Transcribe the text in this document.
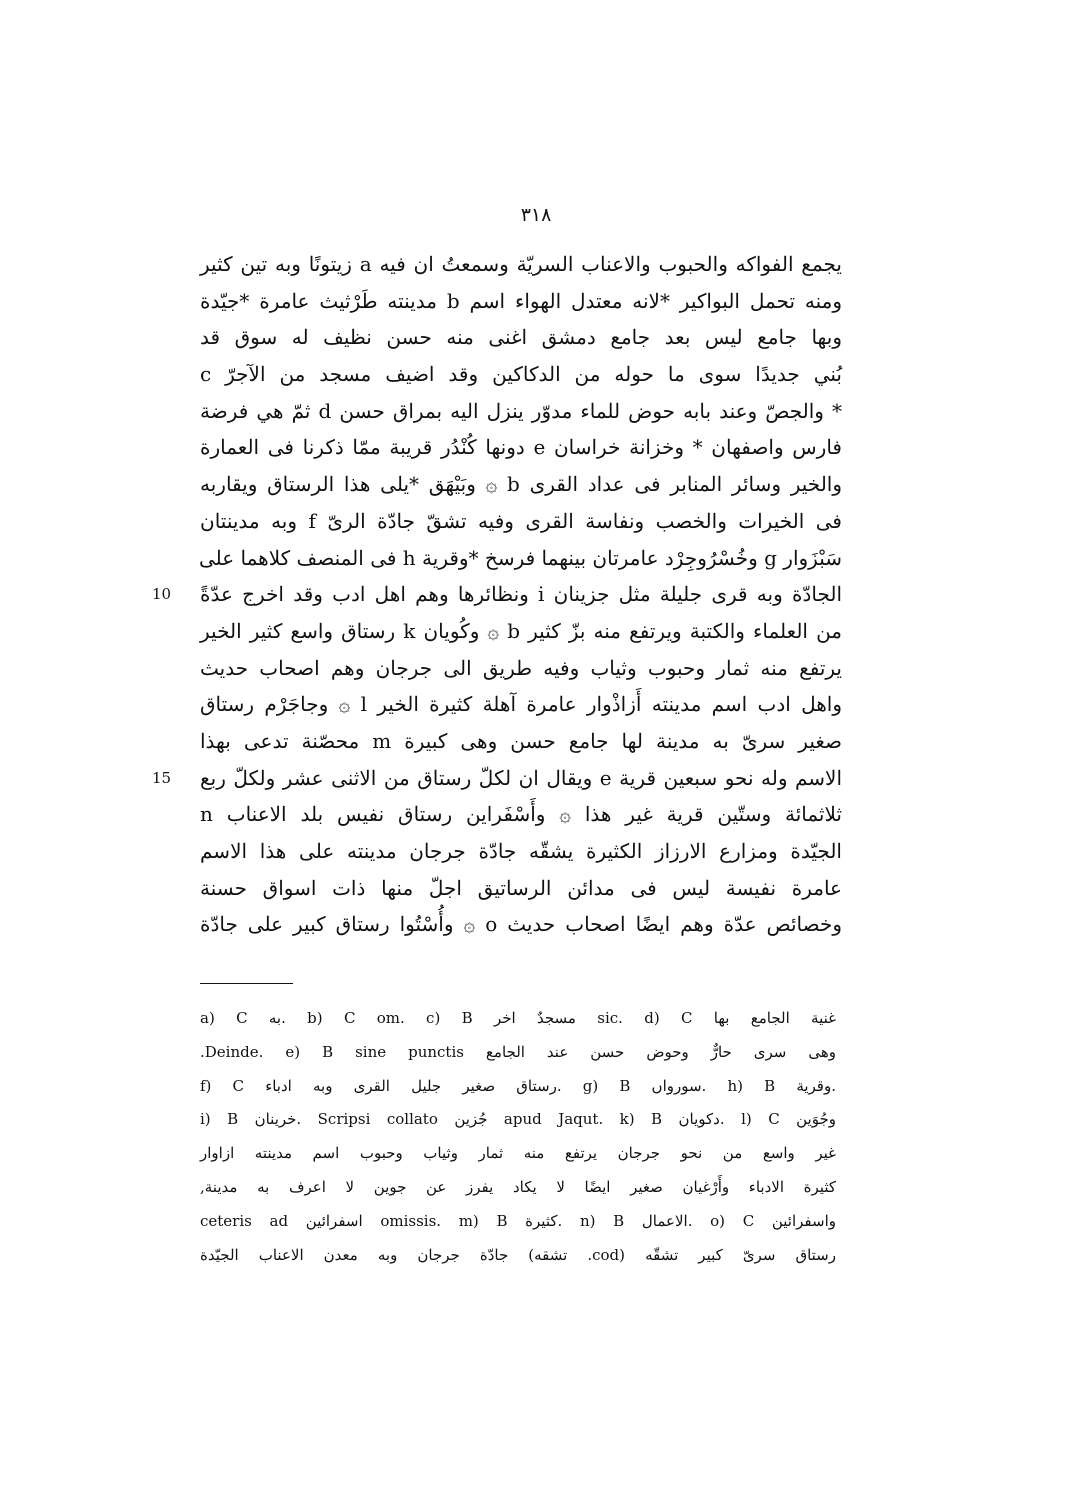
٣١٨
يجمع الفواكه والحبوب والاعناب السريّة وسمعتُ ان فيه a زيتونًا وبه تين كثير
ومنه تحمل البواكير *لانه معتدل الهواء اسم b مدينته طَرْثيث عامرة *جيّدة
وبها جامع ليس بعد جامع دمشق اغنى منه حسن نظيف له سوق قد
بُني جديدًا سوى ما حوله من الدكاكين وقد اضيف مسجد من الآجرّ c
* والجصّ وعند بابه حوض للماء مدوّر ينزل اليه بمراق حسن d ثمّ هي فرضة
فارس واصفهان * وخزانة خراسان e دونها كُنْدُر قريبة ممّا ذكرنا فى العمارة
والخير وسائر المنابر فى عداد القرى b ۞ وبَيْهَق *يلى هذا الرستاق ويقاربه
فى الخيرات والخصب ونفاسة القرى وفيه تشقّ جادّة الرىّ f وبه مدينتان
سَبْزَوار g وخُسْرُوجِرْد عامرتان بينهما فرسخ *وقرية h فى المنصف كلاهما على
الجادّة وبه قرى جليلة مثل جزينان i ونظائرها وهم اهل ادب وقد اخرج عدّةً
10
من العلماء والكتبة ويرتفع منه بزّ كثير b ۞ وكُويان k رستاق واسع كثير الخير
يرتفع منه ثمار وحبوب وثياب وفيه طريق الى جرجان وهم اصحاب حديث
واهل ادب اسم مدينته أَزاذْوار عامرة آهلة كثيرة الخير l ۞ وجاجَرْم رستاق
صغير سرىّ به مدينة لها جامع حسن وهى كبيرة m محصّنة تدعى بهذا
الاسم وله نحو سبعين قرية e ويقال ان لكلّ رستاق من الاثنى عشر ولكلّ ربع
15
ثلاثمائة وستّين قرية غير هذا ۞ وأَسْفَراين رستاق نفيس بلد الاعناب n
الجيّدة ومزارع الارزاز الكثيرة يشقّه جادّة جرجان مدينته على هذا الاسم
عامرة نفيسة ليس فى مدائن الرساتيق اجلّ منها ذات اسواق حسنة
وخصائص عدّة وهم ايضًا اصحاب حديث o ۞ وأُسْتُوا رستاق كبير على جادّة
a) C به. b) C om. c) B مسجدٌ اخر sic. d) C غنية الجامع بها
وهى سرى حارٌّ وحوض حسن عند الجامع Deinde. e) B sine punctis.
f) C رستاق صغير جليل القرى وبه ادباء. g) B سورواں. h) B وقرية.
i) B خرينان. Scripsi collato جُزين apud Jaqut. k) B دكويان. l) C وجُوَين
غير واسع من نحو جرجان يرتفع منه ثمار وثياب وحبوب اسم مدينته ازاوار
كثيرة الادباء وأَرْغيان صغير ايضًا لا يكاد يفرز عن جوين لا اعرف به مدينة,
ceteris ad اسفرائين omissis. m) B كثيرة. n) B الاعمال. o) C واسفرائين
رستاق سرىّ كبير تشقّه (cod. تشقه) جادّة جرجان وبه معدن الاعناب الجيّدة
